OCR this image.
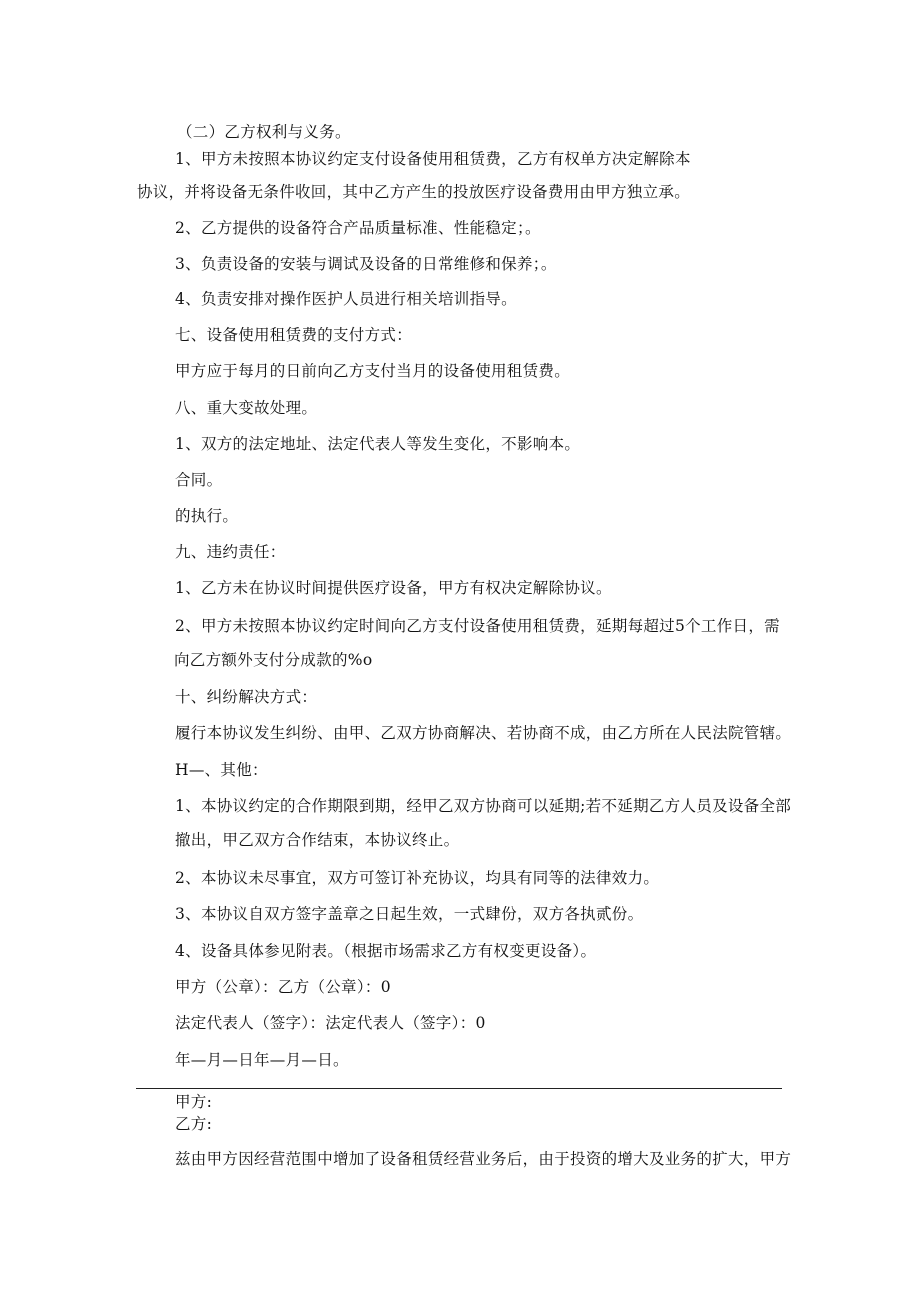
（二）乙方权利与义务。
1、甲方未按照本协议约定支付设备使用租赁费，乙方有权单方决定解除本
协议，并将设备无条件收回，其中乙方产生的投放医疗设备费用由甲方独立承。
2、乙方提供的设备符合产品质量标准、性能稳定；。
3、负责设备的安装与调试及设备的日常维修和保养；。
4、负责安排对操作医护人员进行相关培训指导。
七、设备使用租赁费的支付方式：
甲方应于每月的日前向乙方支付当月的设备使用租赁费。
八、重大变故处理。
1、双方的法定地址、法定代表人等发生变化，不影响本。
合同。
的执行。
九、违约责任：
1、乙方未在协议时间提供医疗设备，甲方有权决定解除协议。
2、甲方未按照本协议约定时间向乙方支付设备使用租赁费，延期每超过5个工作日，需
向乙方额外支付分成款的%o
十、纠纷解决方式：
履行本协议发生纠纷、由甲、乙双方协商解决、若协商不成，由乙方所在人民法院管辖。
H—、其他：
1、本协议约定的合作期限到期，经甲乙双方协商可以延期;若不延期乙方人员及设备全部
撤出，甲乙双方合作结束，本协议终止。
2、本协议未尽事宜，双方可签订补充协议，均具有同等的法律效力。
3、本协议自双方签字盖章之日起生效，一式肆份，双方各执贰份。
4、设备具体参见附表。（根据市场需求乙方有权变更设备）。
甲方（公章）：乙方（公章）：0
法定代表人（签字）：法定代表人（签字）：0
年—月—日年—月—日。
甲方:
乙方:
兹由甲方因经营范围中增加了设备租赁经营业务后，由于投资的增大及业务的扩大，甲方
